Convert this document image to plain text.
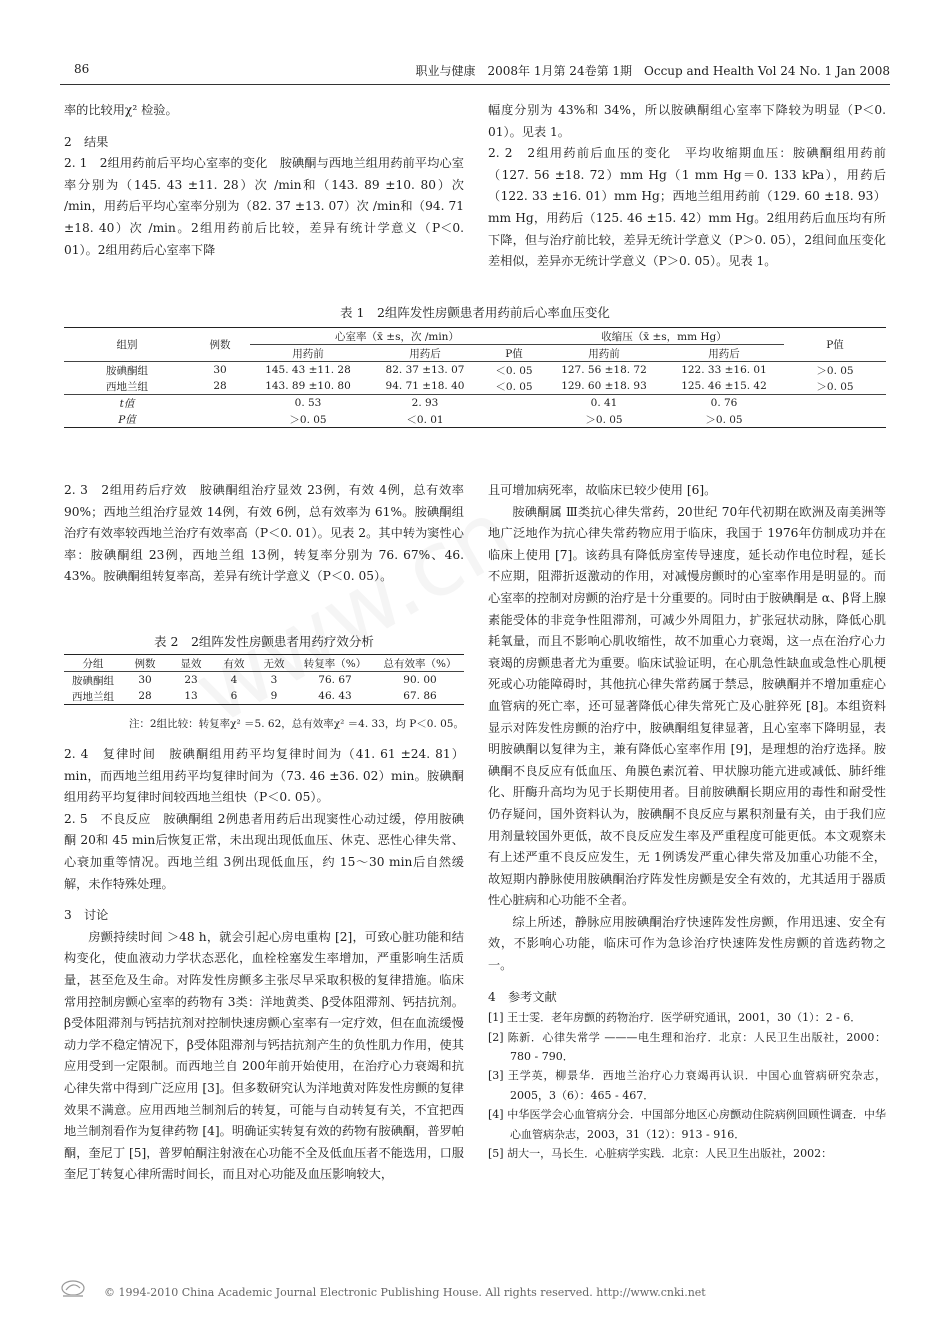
86	职业与健康　2008年 1月第 24卷第 1期　Occup and Health Vol 24 No. 1 Jan 2008

率的比较用χ² 检验。

2　结果

2. 1　2组用药前后平均心室率的变化　胺碘酮与西地兰组用药前平均心室率分别为（145. 43 ±11. 28）次 /min和（143. 89 ±10. 80）次 /min，用药后平均心室率分别为（82. 37 ±13. 07）次 /min和（94. 71 ±18. 40）次 /min。2组用药前后比较，差异有统计学意义（P＜0. 01）。2组用药后心室率下降

幅度分别为 43%和 34%，所以胺碘酮组心室率下降较为明显（P＜0. 01）。见表 1。

2. 2　2组用药前后血压的变化　平均收缩期血压：胺碘酮组用药前（127. 56 ±18. 72）mm Hg（1 mm Hg＝0. 133 kPa），用药后（122. 33 ±16. 01）mm Hg；西地兰组用药前（129. 60 ±18. 93）mm Hg，用药后（125. 46 ±15. 42）mm Hg。2组用药后血压均有所下降，但与治疗前比较，差异无统计学意义（P＞0. 05），2组间血压变化差相似，差异亦无统计学意义（P＞0. 05）。见表 1。

表 1　2组阵发性房颤患者用药前后心率血压变化
组别	例数	心室率（x̄ ±s，次 /min）			收缩压（x̄ ±s，mm Hg）		P值
		用药前	用药后	P值	用药前	用药后	
胺碘酮组	30	145. 43 ±11. 28	82. 37 ±13. 07	＜0. 05	127. 56 ±18. 72	122. 33 ±16. 01	＞0. 05
西地兰组	28	143. 89 ±10. 80	94. 71 ±18. 40	＜0. 05	129. 60 ±18. 93	125. 46 ±15. 42	＞0. 05
t值		0. 53	2. 93		0. 41	0. 76	
P值		＞0. 05	＜0. 01		＞0. 05	＞0. 05	

2. 3　2组用药后疗效　胺碘酮组治疗显效 23例，有效 4例，总有效率 90%；西地兰组治疗显效 14例，有效 6例，总有效率为 61%。胺碘酮组治疗有效率较西地兰治疗有效率高（P＜0. 01）。见表 2。其中转为窦性心率：胺碘酮组 23例，西地兰组 13例，转复率分别为 76. 67%、46. 43%。胺碘酮组转复率高，差异有统计学意义（P＜0. 05）。

表 2　2组阵发性房颤患者用药疗效分析
分组	例数	显效	有效	无效	转复率（%）	总有效率（%）
胺碘酮组	30	23	4	3	76. 67	90. 00
西地兰组	28	13	6	9	46. 43	67. 86
注：2组比较：转复率χ² ＝5. 62，总有效率χ² ＝4. 33，均 P＜0. 05。

2. 4　复律时间　胺碘酮组用药平均复律时间为（41. 61 ±24. 81）min，而西地兰组用药平均复律时间为（73. 46 ±36. 02）min。胺碘酮组用药平均复律时间较西地兰组快（P＜0. 05）。

2. 5　不良反应　胺碘酮组 2例患者用药后出现窦性心动过缓，停用胺碘酮 20和 45 min后恢复正常，未出现出现低血压、休克、恶性心律失常、心衰加重等情况。西地兰组 3例出现低血压，约 15～30 min后自然缓解，未作特殊处理。

3　讨论

房颤持续时间 ＞48 h，就会引起心房电重构 [2]，可致心脏功能和结构变化，使血液动力学状态恶化，血栓栓塞发生率增加，严重影响生活质量，甚至危及生命。对阵发性房颤多主张尽早采取积极的复律措施。临床常用控制房颤心室率的药物有 3类：洋地黄类、β受体阻滞剂、钙拮抗剂。β受体阻滞剂与钙拮抗剂对控制快速房颤心室率有一定疗效，但在血流缓慢动力学不稳定情况下，β受体阻滞剂与钙拮抗剂产生的负性肌力作用，使其应用受到一定限制。而西地兰自 200年前开始使用，在治疗心力衰竭和抗心律失常中得到广泛应用 [3]。但多数研究认为洋地黄对阵发性房颤的复律效果不满意。应用西地兰制剂后的转复，可能与自动转复有关，不宜把西地兰制剂看作为复律药物 [4]。明确证实转复有效的药物有胺碘酮，普罗帕酮，奎尼丁 [5]，普罗帕酮注射液在心功能不全及低血压者不能选用，口服奎尼丁转复心律所需时间长，而且对心功能及血压影响较大，

且可增加病死率，故临床已较少使用 [6]。

胺碘酮属 Ⅲ类抗心律失常药，20世纪 70年代初期在欧洲及南美洲等地广泛地作为抗心律失常药物应用于临床，我国于 1976年仿制成功并在临床上使用 [7]。该药具有降低房室传导速度，延长动作电位时程，延长不应期，阻滞折返激动的作用，对减慢房颤时的心室率作用是明显的。而心室率的控制对房颤的治疗是十分重要的。同时由于胺碘酮是 α、β肾上腺素能受体的非竞争性阻滞剂，可减少外周阻力，扩张冠状动脉，降低心肌耗氧量，而且不影响心肌收缩性，故不加重心力衰竭，这一点在治疗心力衰竭的房颤患者尤为重要。临床试验证明，在心肌急性缺血或急性心肌梗死或心功能障碍时，其他抗心律失常药属于禁忌，胺碘酮并不增加重症心血管病的死亡率，还可显著降低心律失常死亡及心脏猝死 [8]。本组资料显示对阵发性房颤的治疗中，胺碘酮组复律显著，且心室率下降明显，表明胺碘酮以复律为主，兼有降低心室率作用 [9]，是理想的治疗选择。胺碘酮不良反应有低血压、角膜色素沉着、甲状腺功能亢进或减低、肺纤维化、肝酶升高均为见于长期使用者。目前胺碘酮长期应用的毒性和耐受性仍存疑问，国外资料认为，胺碘酮不良反应与累积剂量有关，由于我们应用剂量较国外更低，故不良反应发生率及严重程度可能更低。本文观察未有上述严重不良反应发生，无 1例诱发严重心律失常及加重心功能不全，故短期内静脉使用胺碘酮治疗阵发性房颤是安全有效的，尤其适用于器质性心脏病和心功能不全者。

综上所述，静脉应用胺碘酮治疗快速阵发性房颤，作用迅速、安全有效，不影响心功能，临床可作为急诊治疗快速阵发性房颤的首选药物之一。

4　参考文献

[1] 王士雯．老年房颤的药物治疗．医学研究通讯，2001，30（1）：2 - 6．

[2] 陈新．心律失常学 ———电生理和治疗．北京：人民卫生出版社，2000：780 - 790．

[3] 王学英，柳景华．西地兰治疗心力衰竭再认识．中国心血管病研究杂志，2005，3（6）：465 - 467．

[4] 中华医学会心血管病分会．中国部分地区心房颤动住院病例回顾性调查．中华心血管病杂志，2003，31（12）：913 - 916．

[5] 胡大一，马长生．心脏病学实践．北京：人民卫生出版社，2002：

© 1994-2010 China Academic Journal Electronic Publishing House. All rights reserved. http://www.cnki.net
